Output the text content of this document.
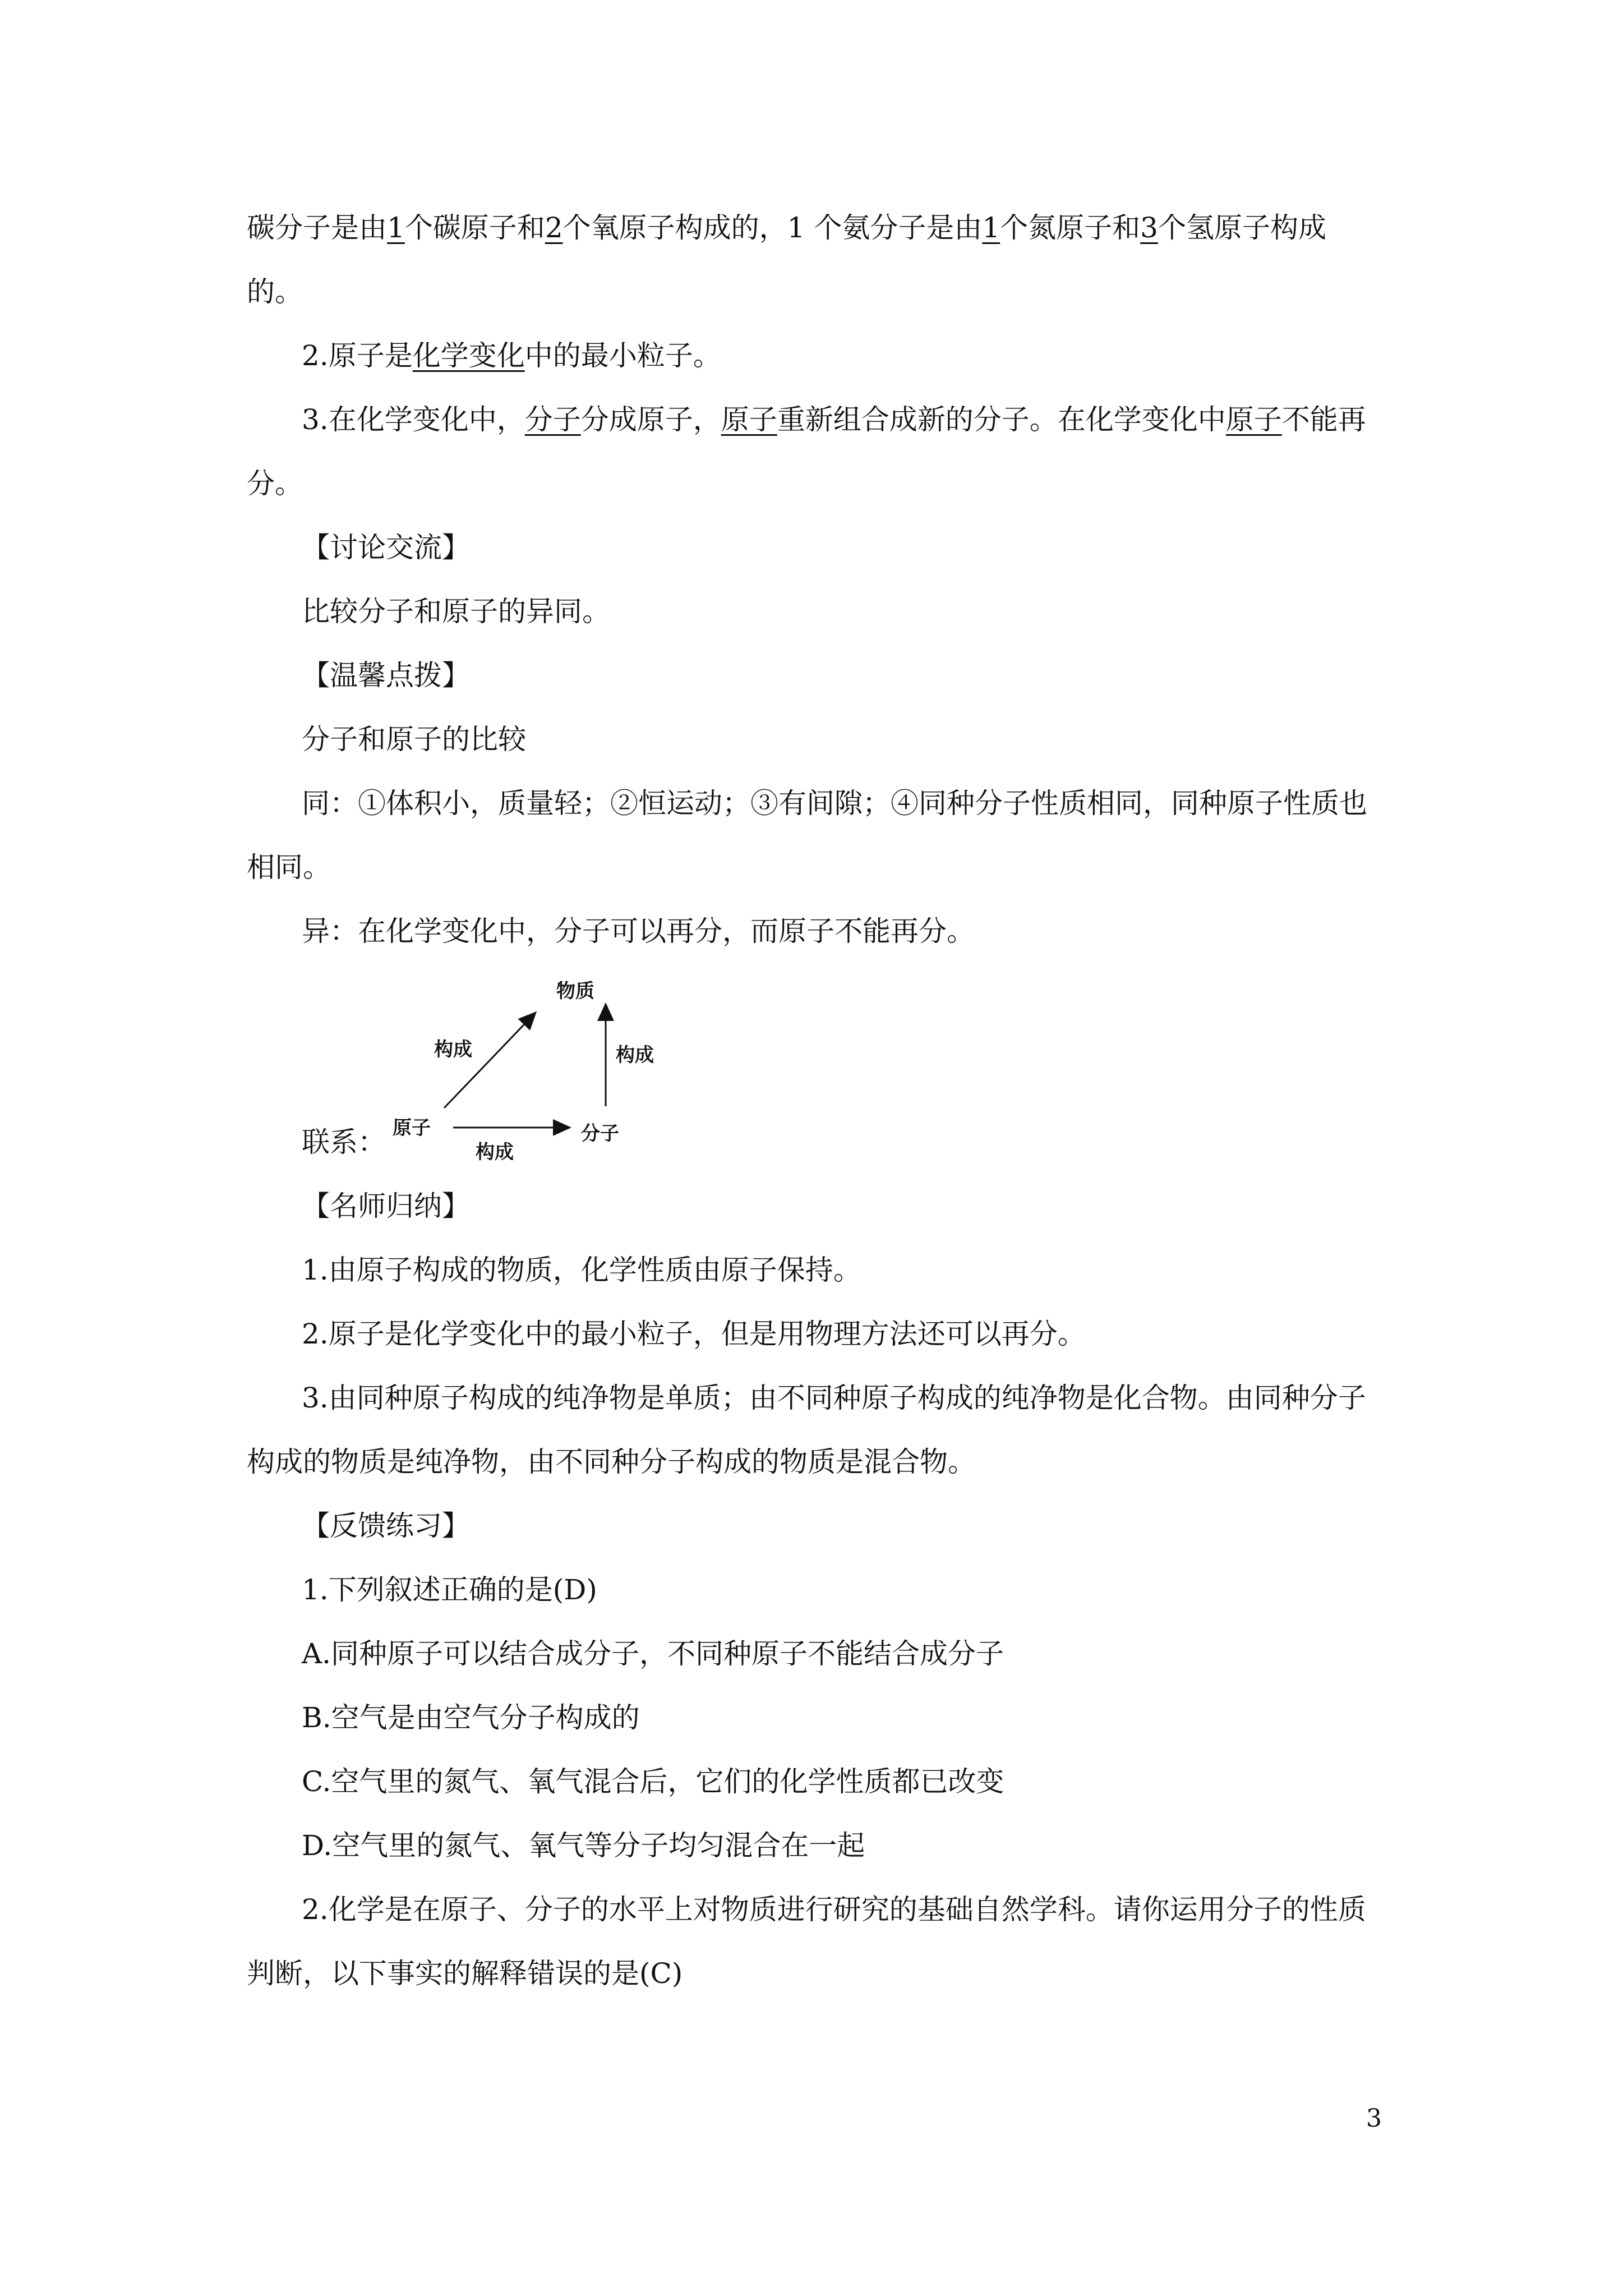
碳分子是由1个碳原子和2个氧原子构成的，1 个氨分子是由1个氮原子和3个氢原子构成
的。
2.原子是化学变化中的最小粒子。
3.在化学变化中，分子分成原子，原子重新组合成新的分子。在化学变化中原子不能再
分。
【讨论交流】
比较分子和原子的异同。
【温馨点拨】
分子和原子的比较
同：①体积小，质量轻；②恒运动；③有间隙；④同种分子性质相同，同种原子性质也
相同。
异：在化学变化中，分子可以再分，而原子不能再分。
物质
原子	分子
构成	构成
构成
联系：
【名师归纳】
1.由原子构成的物质，化学性质由原子保持。
2.原子是化学变化中的最小粒子，但是用物理方法还可以再分。
3.由同种原子构成的纯净物是单质；由不同种原子构成的纯净物是化合物。由同种分子
构成的物质是纯净物，由不同种分子构成的物质是混合物。
【反馈练习】
1.下列叙述正确的是(D)
A.同种原子可以结合成分子，不同种原子不能结合成分子
B.空气是由空气分子构成的
C.空气里的氮气、氧气混合后，它们的化学性质都已改变
D.空气里的氮气、氧气等分子均匀混合在一起
2.化学是在原子、分子的水平上对物质进行研究的基础自然学科。请你运用分子的性质
判断，以下事实的解释错误的是(C)
3
